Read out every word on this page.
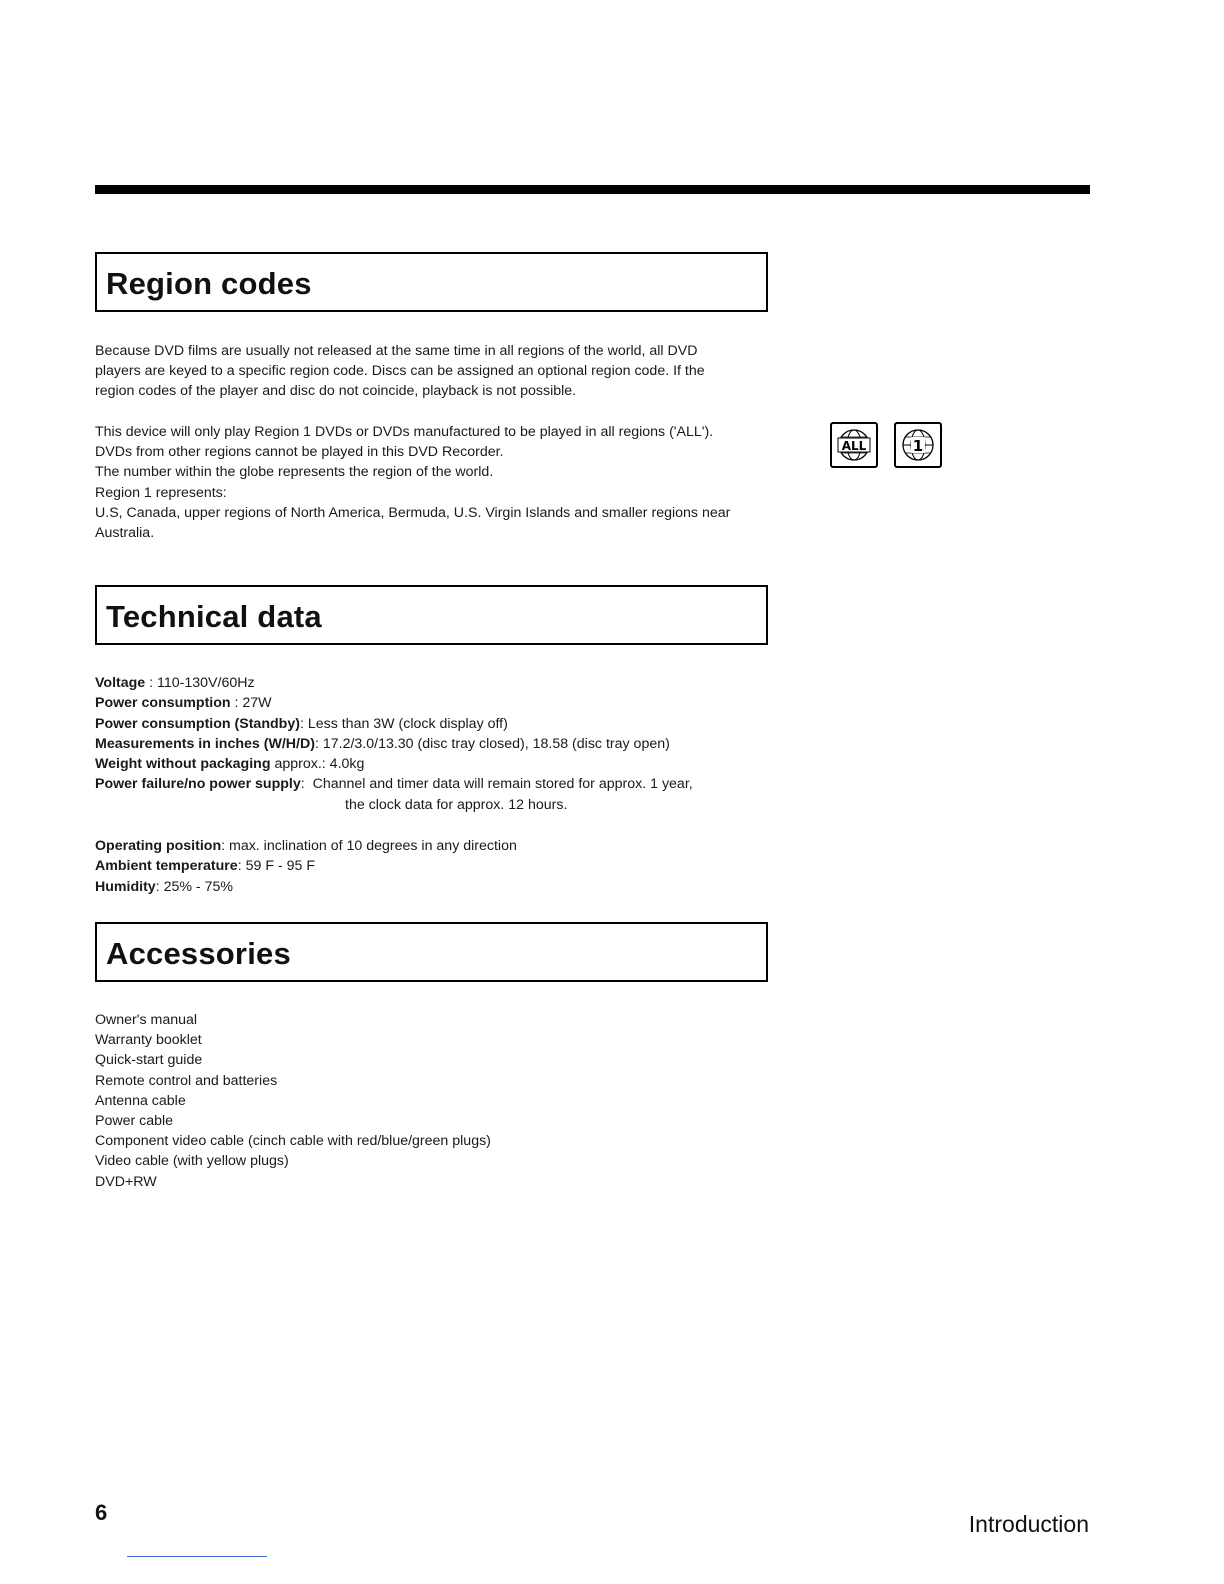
Region codes

Because DVD films are usually not released at the same time in all regions of the world, all DVD
players are keyed to a specific region code. Discs can be assigned an optional region code. If the
region codes of the player and disc do not coincide, playback is not possible.

This device will only play Region 1 DVDs or DVDs manufactured to be played in all regions ('ALL').
DVDs from other regions cannot be played in this DVD Recorder.
The number within the globe represents the region of the world.
Region 1 represents:
U.S, Canada, upper regions of North America, Bermuda, U.S. Virgin Islands and smaller regions near
Australia.

ALL	1
Technical data
Voltage : 110-130V/60Hz
Power consumption : 27W
Power consumption (Standby): Less than 3W (clock display off)
Measurements in inches (W/H/D): 17.2/3.0/13.30 (disc tray closed), 18.58 (disc tray open)
Weight without packaging approx.: 4.0kg
Power failure/no power supply:  Channel and timer data will remain stored for approx. 1 year,
the clock data for approx. 12 hours.
Operating position: max. inclination of 10 degrees in any direction
Ambient temperature: 59 F - 95 F
Humidity: 25% - 75%
Accessories
Owner's manual
Warranty booklet
Quick-start guide
Remote control and batteries
Antenna cable
Power cable
Component video cable (cinch cable with red/blue/green plugs)
Video cable (with yellow plugs)
DVD+RW
6	Introduction
